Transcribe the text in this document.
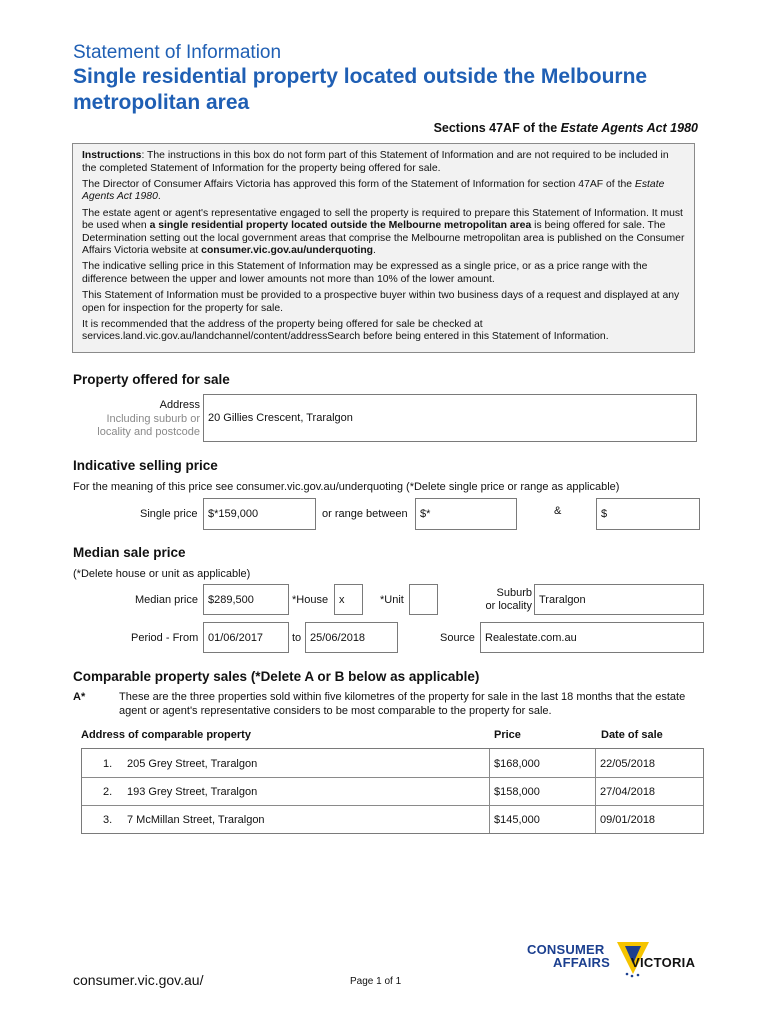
Statement of Information
Single residential property located outside the Melbourne metropolitan area
Sections 47AF of the Estate Agents Act 1980

Instructions: The instructions in this box do not form part of this Statement of Information and are not required to be included in the completed Statement of Information for the property being offered for sale.

The Director of Consumer Affairs Victoria has approved this form of the Statement of Information for section 47AF of the Estate Agents Act 1980.

The estate agent or agent's representative engaged to sell the property is required to prepare this Statement of Information. It must be used when a single residential property located outside the Melbourne metropolitan area is being offered for sale. The Determination setting out the local government areas that comprise the Melbourne metropolitan area is published on the Consumer Affairs Victoria website at consumer.vic.gov.au/underquoting.

The indicative selling price in this Statement of Information may be expressed as a single price, or as a price range with the difference between the upper and lower amounts not more than 10% of the lower amount.

This Statement of Information must be provided to a prospective buyer within two business days of a request and displayed at any open for inspection for the property for sale.

It is recommended that the address of the property being offered for sale be checked at services.land.vic.gov.au/landchannel/content/addressSearch before being entered in this Statement of Information.

Property offered for sale
Address
Including suburb or
locality and postcode
20 Gillies Crescent, Traralgon
Indicative selling price
For the meaning of this price see consumer.vic.gov.au/underquoting (*Delete single price or range as applicable)
Single price $*159,000	or range between	$*	&	$
Median sale price
(*Delete house or unit as applicable)
Median price $289,500	*House x	*Unit
Suburb
or locality Traralgon
Period - From 01/06/2017	to 25/06/2018	Source Realestate.com.au
Comparable property sales (*Delete A or B below as applicable)
A*	These are the three properties sold within five kilometres of the property for sale in the last 18 months that the estate agent or agent's representative considers to be most comparable to the property for sale.
Address of comparable property	Price	Date of sale
1. 205 Grey Street, Traralgon	$168,000	22/05/2018
2. 193 Grey Street, Traralgon	$158,000	27/04/2018
3. 7 McMillan Street, Traralgon	$145,000	09/01/2018
consumer.vic.gov.au/	Page 1 of 1
CONSUMER
AFFAIRS VICTORIA
